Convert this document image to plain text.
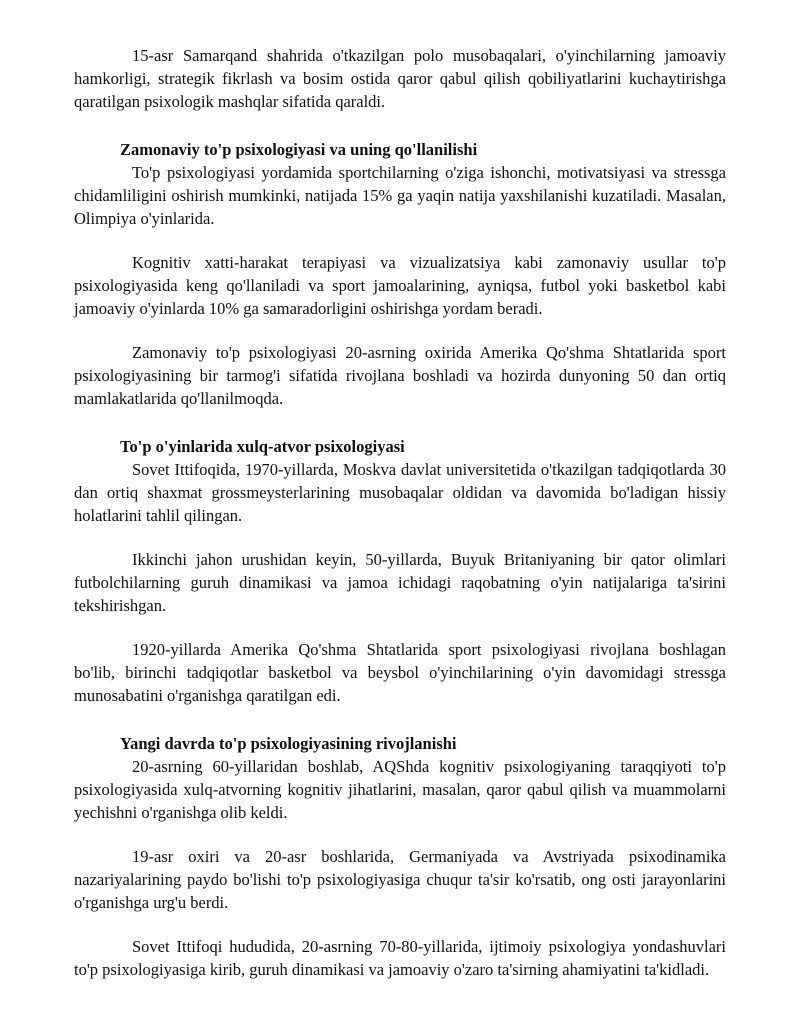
15-asr Samarqand shahrida o'tkazilgan polo musobaqalari, o'yinchilarning jamoaviy hamkorligi, strategik fikrlash va bosim ostida qaror qabul qilish qobiliyatlarini kuchaytirishga qaratilgan psixologik mashqlar sifatida qaraldi.

Zamonaviy to'p psixologiyasi va uning qo'llanilishi

To'p psixologiyasi yordamida sportchilarning o'ziga ishonchi, motivatsiyasi va stressga chidamliligini oshirish mumkinki, natijada 15% ga yaqin natija yaxshilanishi kuzatiladi. Masalan, Olimpiya o'yinlarida.

Kognitiv xatti-harakat terapiyasi va vizualizatsiya kabi zamonaviy usullar to'p psixologiyasida keng qo'llaniladi va sport jamoalarining, ayniqsa, futbol yoki basketbol kabi jamoaviy o'yinlarda 10% ga samaradorligini oshirishga yordam beradi.

Zamonaviy to'p psixologiyasi 20-asrning oxirida Amerika Qo'shma Shtatlarida sport psixologiyasining bir tarmog'i sifatida rivojlana boshladi va hozirda dunyoning 50 dan ortiq mamlakatlarida qo'llanilmoqda.

To'p o'yinlarida xulq-atvor psixologiyasi

Sovet Ittifoqida, 1970-yillarda, Moskva davlat universitetida o'tkazilgan tadqiqotlarda 30 dan ortiq shaxmat grossmeysterlarining musobaqalar oldidan va davomida bo'ladigan hissiy holatlarini tahlil qilingan.

Ikkinchi jahon urushidan keyin, 50-yillarda, Buyuk Britaniyaning bir qator olimlari futbolchilarning guruh dinamikasi va jamoa ichidagi raqobatning o'yin natijalariga ta'sirini tekshirishgan.

1920-yillarda Amerika Qo'shma Shtatlarida sport psixologiyasi rivojlana boshlagan bo'lib, birinchi tadqiqotlar basketbol va beysbol o'yinchilarining o'yin davomidagi stressga munosabatini o'rganishga qaratilgan edi.

Yangi davrda to'p psixologiyasining rivojlanishi

20-asrning 60-yillaridan boshlab, AQShda kognitiv psixologiyaning taraqqiyoti to'p psixologiyasida xulq-atvorning kognitiv jihatlarini, masalan, qaror qabul qilish va muammolarni yechishni o'rganishga olib keldi.

19-asr oxiri va 20-asr boshlarida, Germaniyada va Avstriyada psixodinamika nazariyalarining paydo bo'lishi to'p psixologiyasiga chuqur ta'sir ko'rsatib, ong osti jarayonlarini o'rganishga urg'u berdi.

Sovet Ittifoqi hududida, 20-asrning 70-80-yillarida, ijtimoiy psixologiya yondashuvlari to'p psixologiyasiga kirib, guruh dinamikasi va jamoaviy o'zaro ta'sirning ahamiyatini ta'kidladi.
